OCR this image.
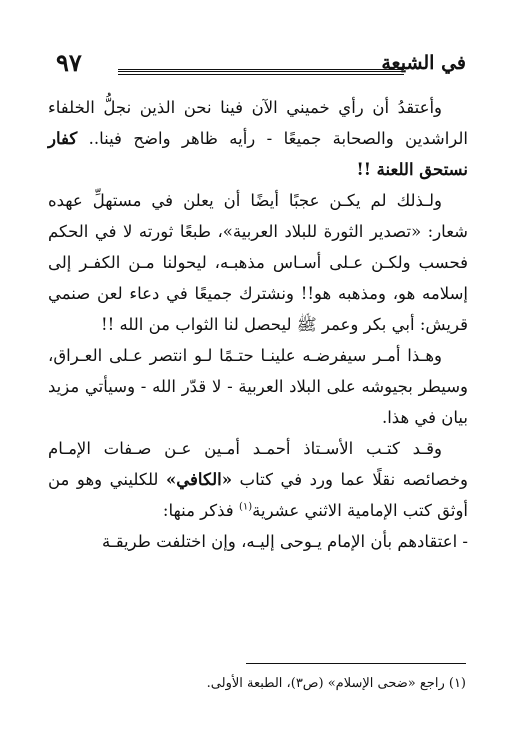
في الشيعة
٩٧

وأعتقدُ أن رأي خميني الآن فينا نحن الذين نجلُّ الخلفاء الراشدين والصحابة جميعًا - رأيه ظاهر واضح فينا.. كفار نستحق اللعنة !!

ولـذلك لم يكـن عجبًا أيضًا أن يعلن في مستهلِّ عهده شعار: «تصدير الثورة للبلاد العربية»، طبعًا ثورته لا في الحكم فحسب ولكـن عـلى أسـاس مذهبـه، ليحولنا مـن الكفـر إلى إسلامه هو، ومذهبه هو!! ونشترك جميعًا في دعاء لعن صنمي قريش: أبي بكر وعمر ﷺ ليحصل لنا الثواب من الله !!

وهـذا أمـر سيفرضـه علينـا حتـمًا لـو انتصر عـلى العـراق، وسيطر بجيوشه على البلاد العربية - لا قدّر الله - وسيأتي مزيد بيان في هذا.

وقـد كتـب الأسـتاذ أحمـد أمـين عـن صـفات الإمـام وخصائصه نقلًا عما ورد في كتاب «الكافي» للكليني وهو من أوثق كتب الإمامية الاثني عشرية$^{(١)}$ فذكر منها:

- اعتقادهم بأن الإمام يـوحى إليـه، وإن اختلفت طريقـة

(١) راجع «ضحى الإسلام» (ص٣)، الطبعة الأولى.
